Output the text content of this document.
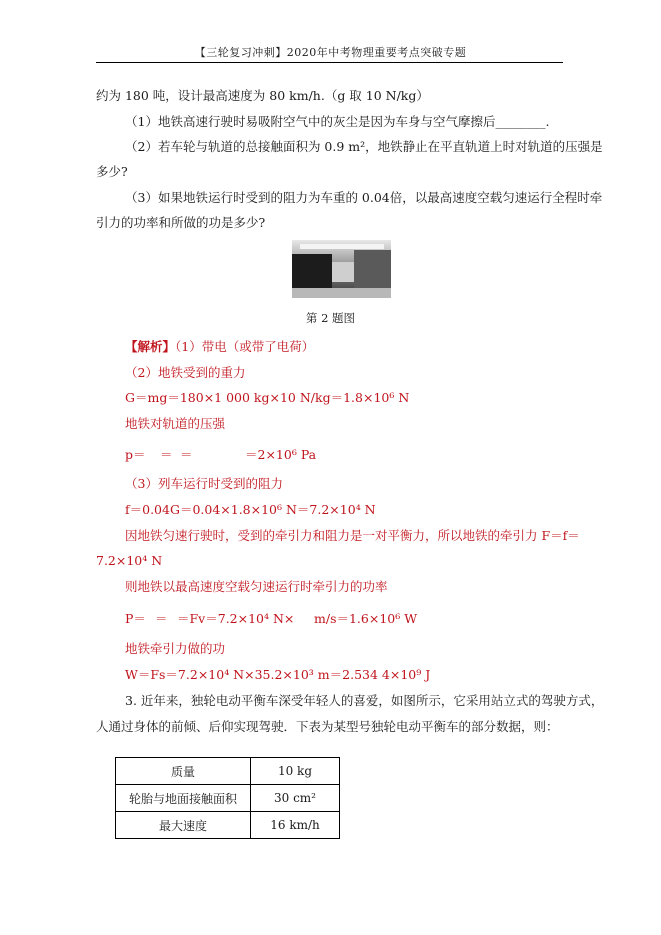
【三轮复习冲刺】2020年中考物理重要考点突破专题
约为 180 吨，设计最高速度为 80 km/h.（g 取 10 N/kg）
（1）地铁高速行驶时易吸附空气中的灰尘是因为车身与空气摩擦后________.
（2）若车轮与轨道的总接触面积为 0.9 m²，地铁静止在平直轨道上时对轨道的压强是
多少?
（3）如果地铁运行时受到的阻力为车重的 0.04倍，以最高速度空载匀速运行全程时牵
引力的功率和所做的功是多少?
第 2 题图
【解析】（1）带电（或带了电荷）
（2）地铁受到的重力
G＝mg＝180×1 000 kg×10 N/kg＝1.8×10⁶ N
地铁对轨道的压强
p＝ ＝ ＝	＝2×10⁶ Pa
（3）列车运行时受到的阻力
f＝0.04G＝0.04×1.8×10⁶ N＝7.2×10⁴ N
因地铁匀速行驶时，受到的牵引力和阻力是一对平衡力，所以地铁的牵引力 F＝f＝
7.2×10⁴ N
则地铁以最高速度空载匀速运行时牵引力的功率
P＝ ＝ ＝Fv＝7.2×10⁴ N× m/s＝1.6×10⁶ W
地铁牵引力做的功
W＝Fs＝7.2×10⁴ N×35.2×10³ m＝2.534 4×10⁹ J
3. 近年来，独轮电动平衡车深受年轻人的喜爱，如图所示，它采用站立式的驾驶方式，
人通过身体的前倾、后仰实现驾驶．下表为某型号独轮电动平衡车的部分数据，则：
质量	10 kg
轮胎与地面接触面积	30 cm²
最大速度	16 km/h
